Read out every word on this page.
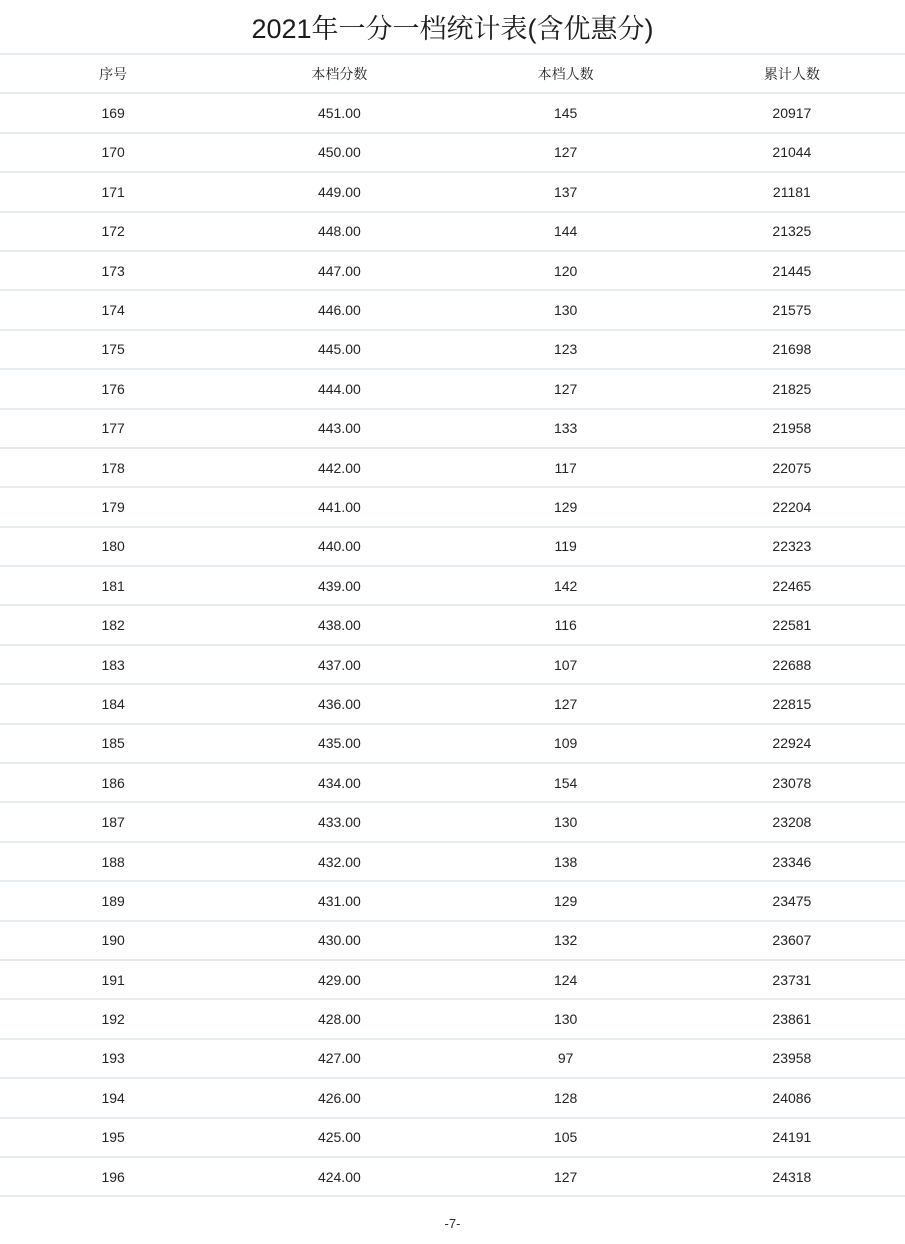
2021年一分一档统计表(含优惠分)
序号	本档分数	本档人数	累计人数
169	451.00	145	20917
170	450.00	127	21044
171	449.00	137	21181
172	448.00	144	21325
173	447.00	120	21445
174	446.00	130	21575
175	445.00	123	21698
176	444.00	127	21825
177	443.00	133	21958
178	442.00	117	22075
179	441.00	129	22204
180	440.00	119	22323
181	439.00	142	22465
182	438.00	116	22581
183	437.00	107	22688
184	436.00	127	22815
185	435.00	109	22924
186	434.00	154	23078
187	433.00	130	23208
188	432.00	138	23346
189	431.00	129	23475
190	430.00	132	23607
191	429.00	124	23731
192	428.00	130	23861
193	427.00	97	23958
194	426.00	128	24086
195	425.00	105	24191
196	424.00	127	24318
-7-
